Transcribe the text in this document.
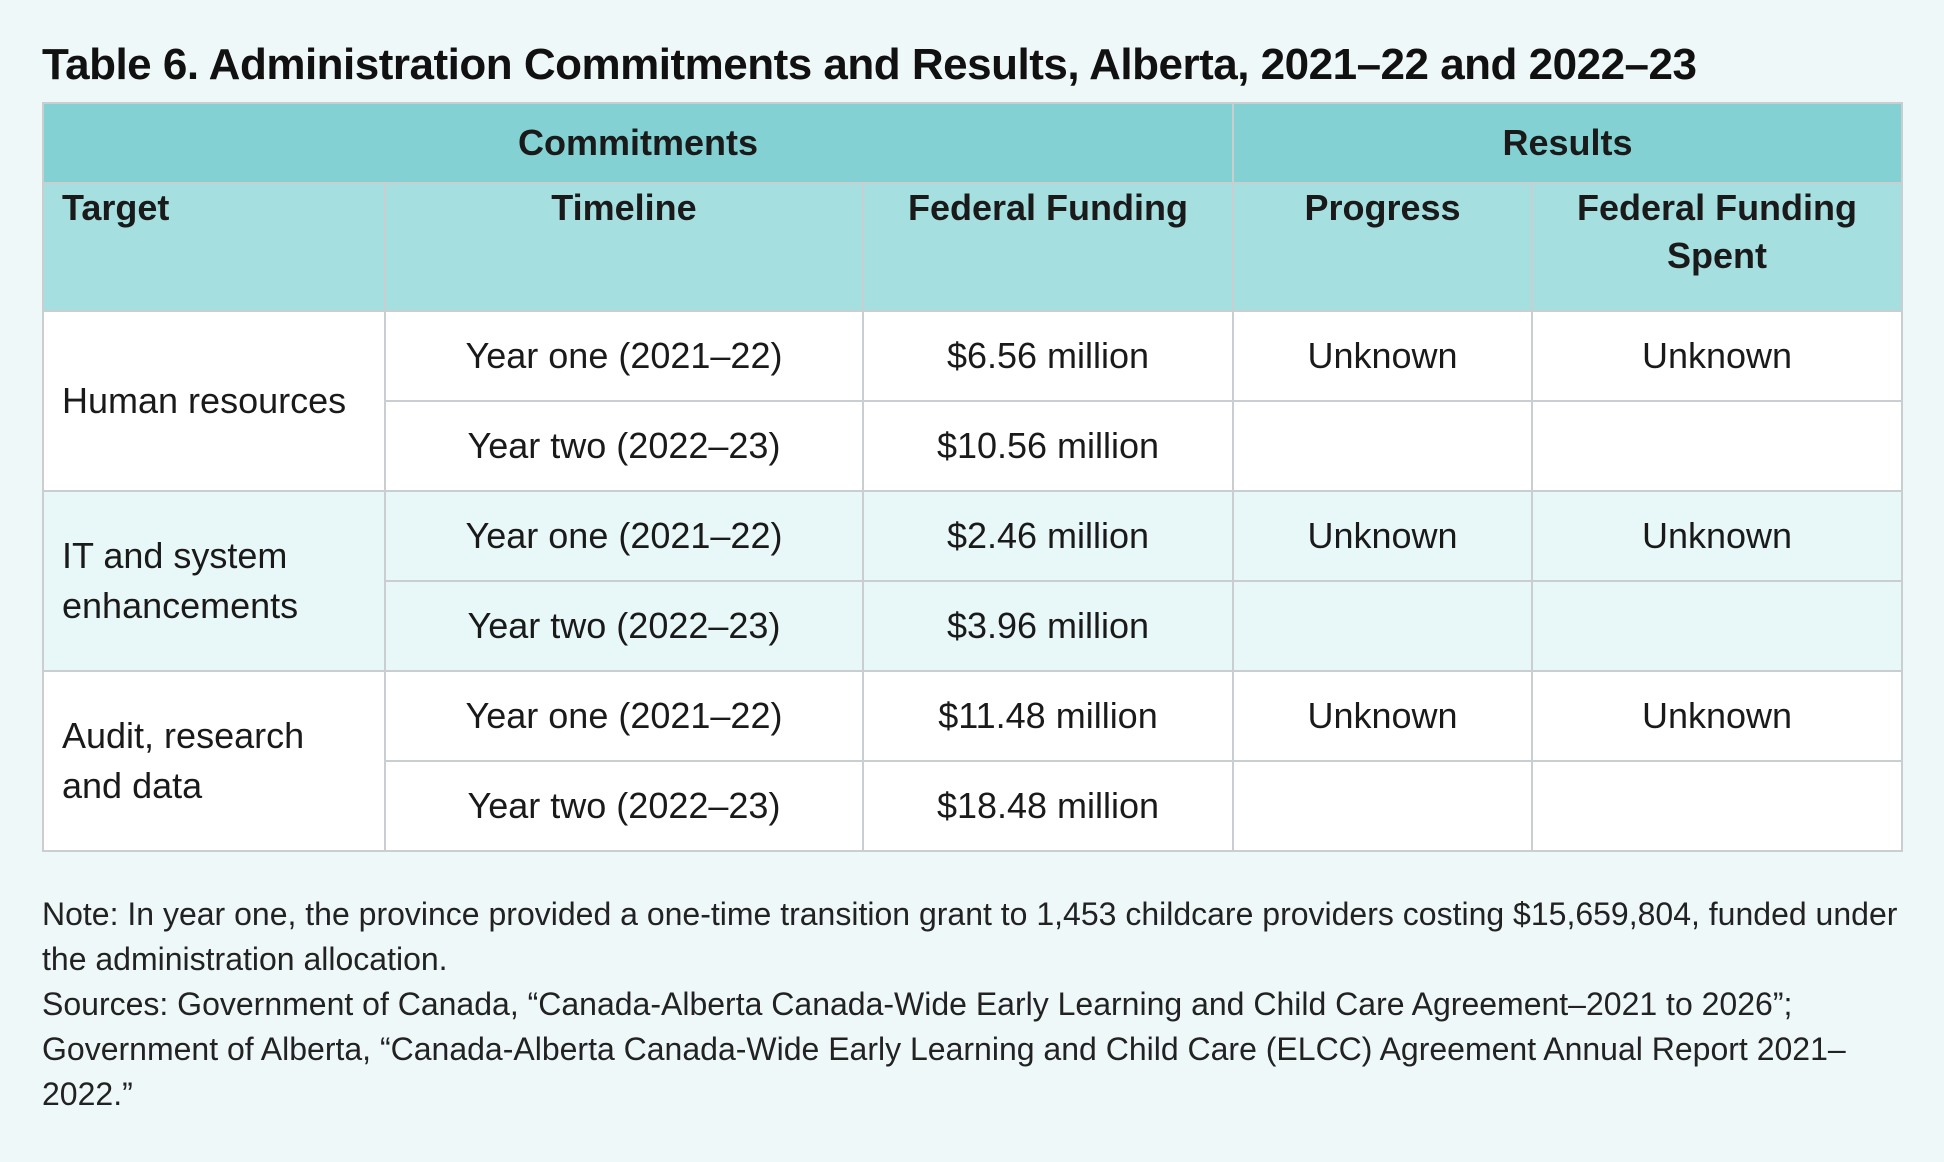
Table 6. Administration Commitments and Results, Alberta, 2021–22 and 2022–23
Commitments			Results	
Target	Timeline	Federal Funding	Progress	Federal Funding Spent
Human resources	Year one (2021–22)	$6.56 million	Unknown	Unknown
	Year two (2022–23)	$10.56 million		
IT and system enhancements	Year one (2021–22)	$2.46 million	Unknown	Unknown
	Year two (2022–23)	$3.96 million		
Audit, research and data	Year one (2021–22)	$11.48 million	Unknown	Unknown
	Year two (2022–23)	$18.48 million		

Note: In year one, the province provided a one-time transition grant to 1,453 childcare providers costing $15,659,804, funded under the administration allocation.

Sources: Government of Canada, “Canada-Alberta Canada-Wide Early Learning and Child Care Agreement–2021 to 2026”; Government of Alberta, “Canada-Alberta Canada-Wide Early Learning and Child Care (ELCC) Agreement Annual Report 2021–2022.”
